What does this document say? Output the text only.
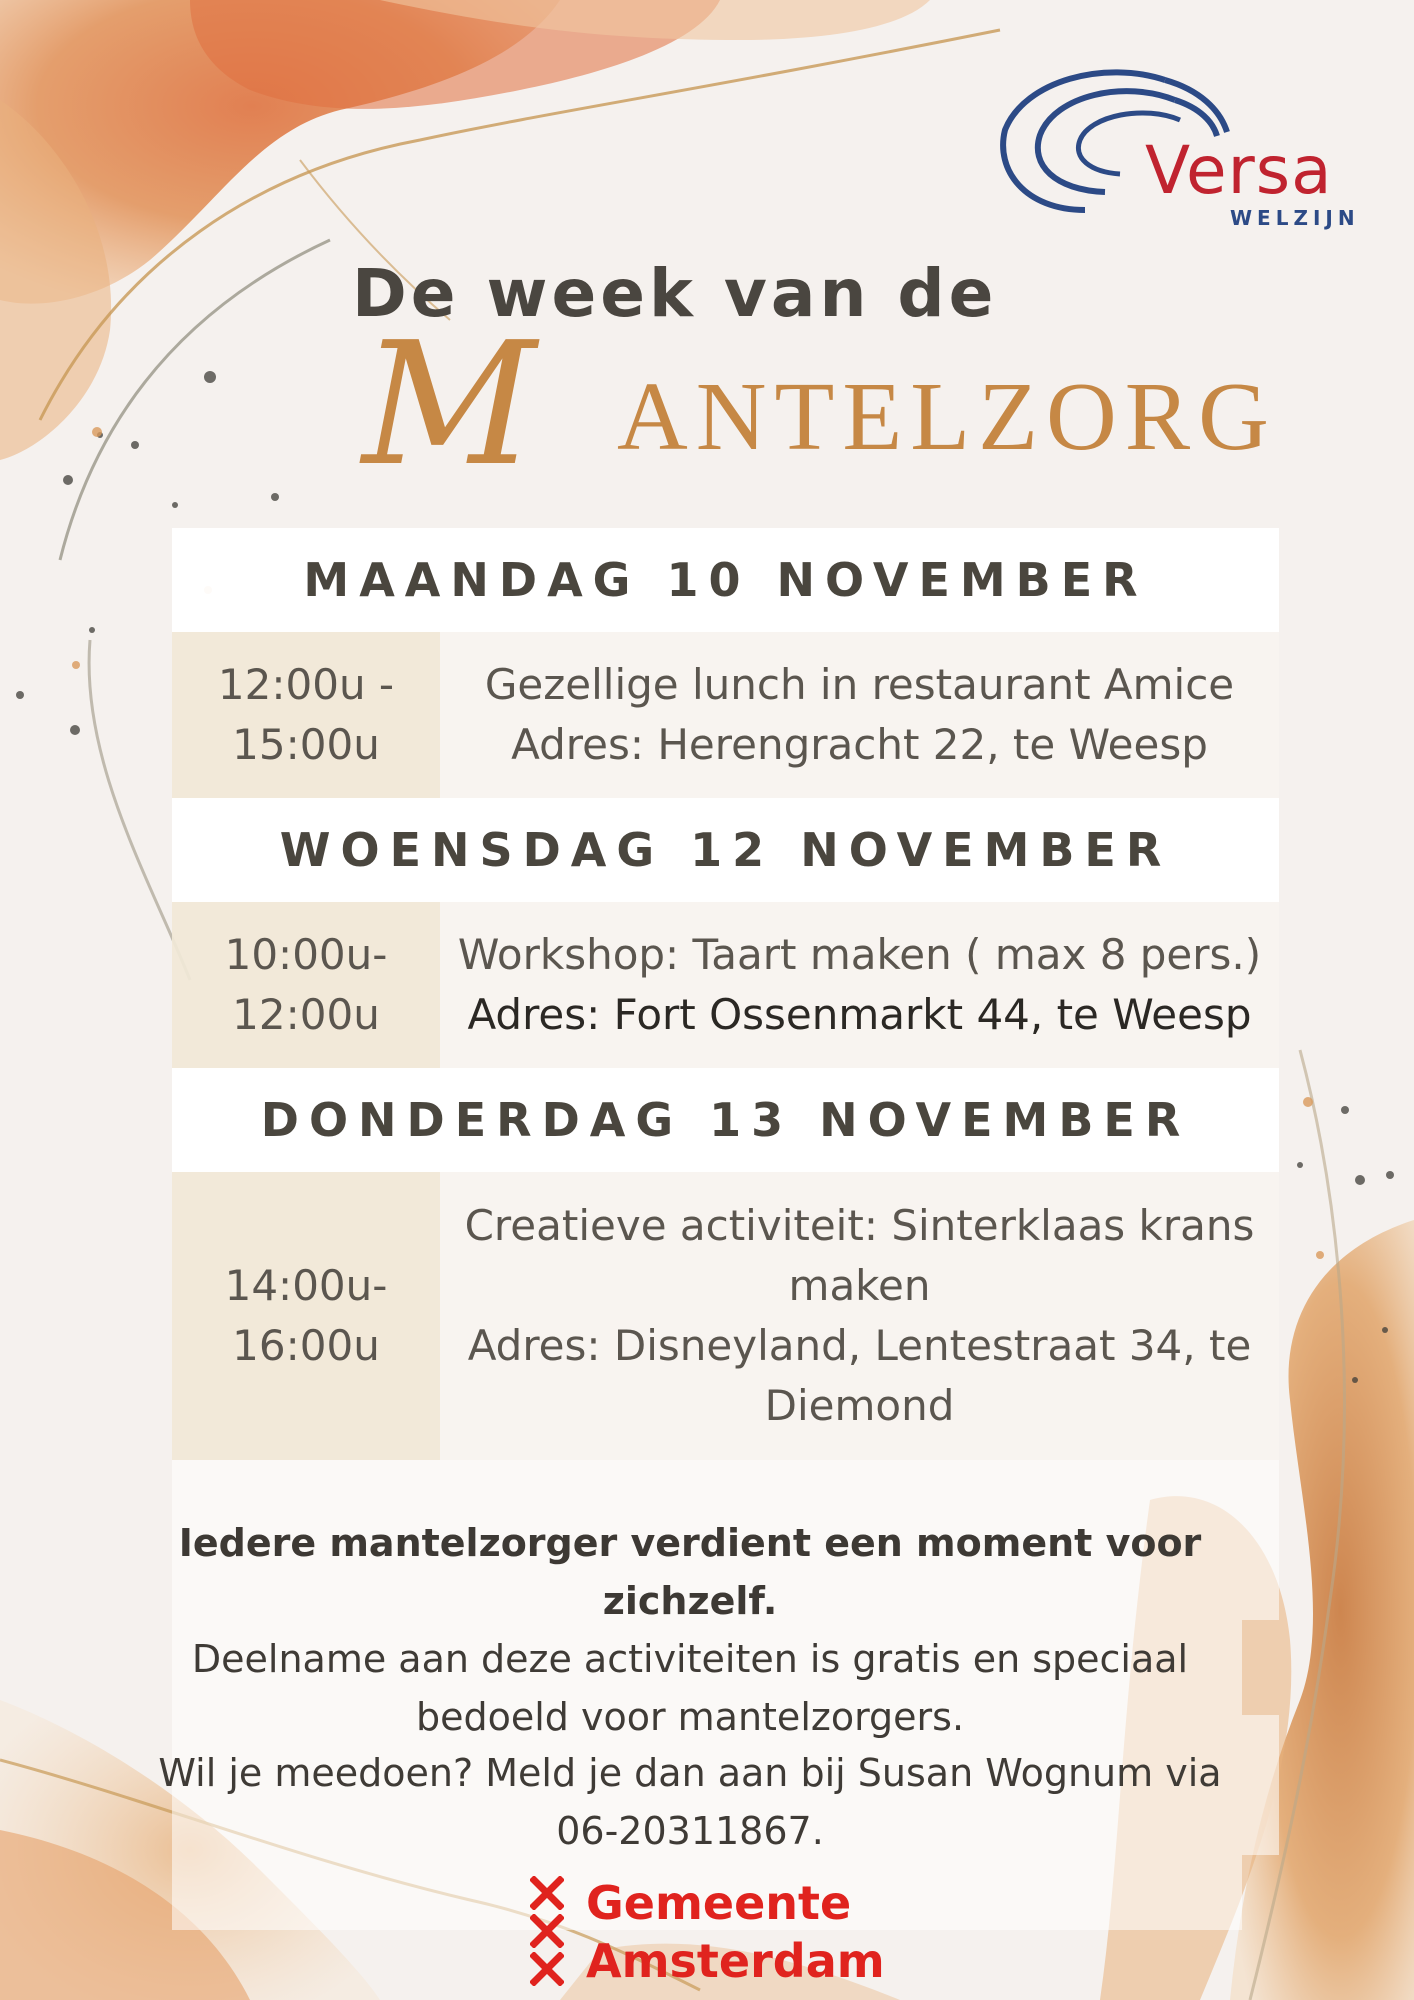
Versa
WELZIJN
De week van de
M ANTELZORG
MAANDAG 10 NOVEMBER
12:00u -
15:00u
Gezellige lunch in restaurant Amice
Adres: Herengracht 22, te Weesp
WOENSDAG 12 NOVEMBER
10:00u-
12:00u
Workshop: Taart maken ( max 8 pers.)
Adres: Fort Ossenmarkt 44, te Weesp
DONDERDAG 13 NOVEMBER
14:00u-
16:00u
Creatieve activiteit: Sinterklaas krans
maken
Adres: Disneyland, Lentestraat 34, te
Diemond
Iedere mantelzorger verdient een moment voor zichzelf.
Deelname aan deze activiteiten is gratis en speciaal
bedoeld voor mantelzorgers.
Wil je meedoen? Meld je dan aan bij Susan Wognum via
06-20311867.
Gemeente
Amsterdam
